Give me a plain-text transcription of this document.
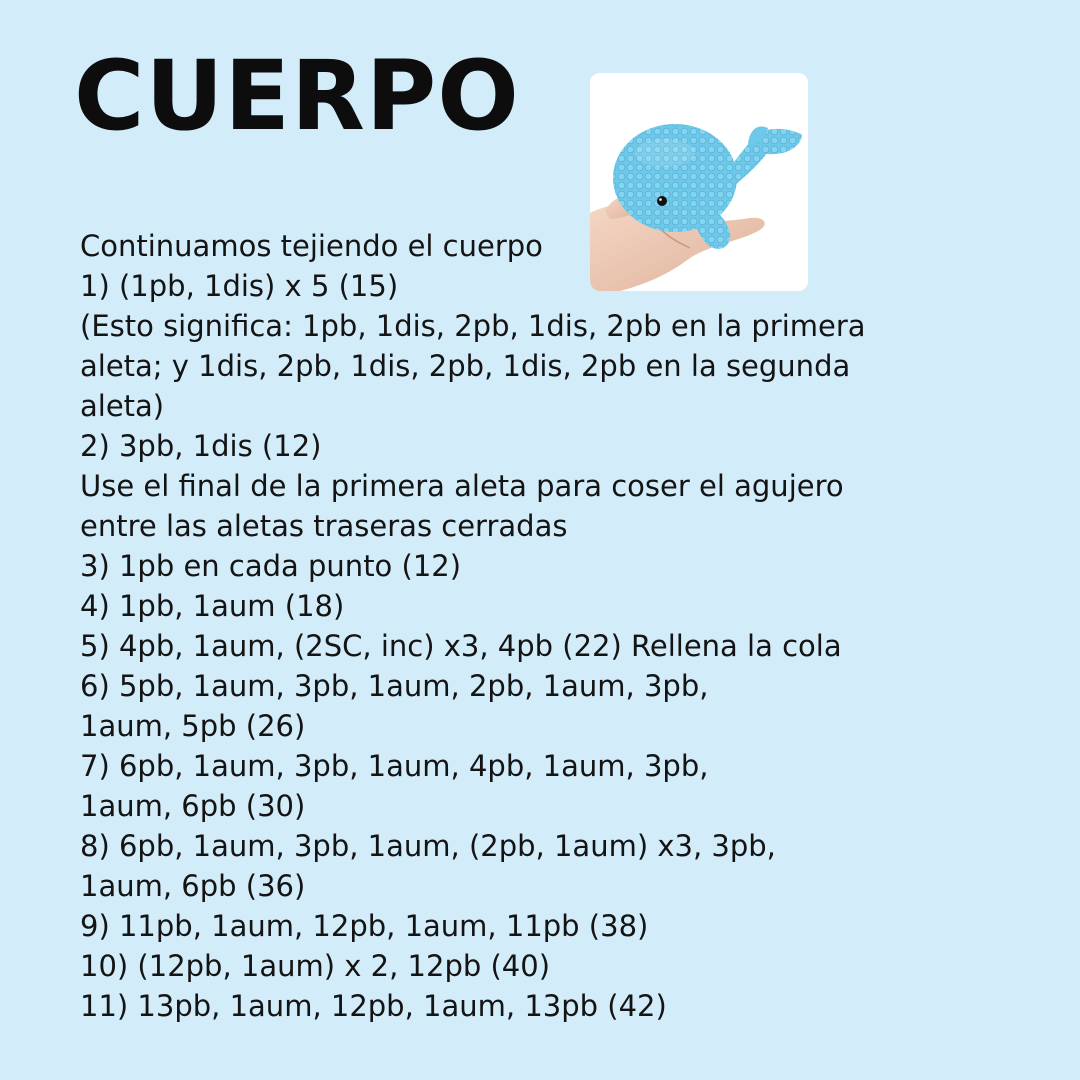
CUERPO
Continuamos tejiendo el cuerpo
1) (1pb, 1dis) x 5 (15)
(Esto significa: 1pb, 1dis, 2pb, 1dis, 2pb en la primera
aleta; y 1dis, 2pb, 1dis, 2pb, 1dis, 2pb en la segunda
aleta)
2) 3pb, 1dis (12)
Use el final de la primera aleta para coser el agujero
entre las aletas traseras cerradas
3) 1pb en cada punto (12)
4) 1pb, 1aum (18)
5) 4pb, 1aum, (2SC, inc) x3, 4pb (22) Rellena la cola
6) 5pb, 1aum, 3pb, 1aum, 2pb, 1aum, 3pb,
1aum, 5pb (26)
7) 6pb, 1aum, 3pb, 1aum, 4pb, 1aum, 3pb,
1aum, 6pb (30)
8) 6pb, 1aum, 3pb, 1aum, (2pb, 1aum) x3, 3pb,
1aum, 6pb (36)
9) 11pb, 1aum, 12pb, 1aum, 11pb (38)
10) (12pb, 1aum) x 2, 12pb (40)
11) 13pb, 1aum, 12pb, 1aum, 13pb (42)
